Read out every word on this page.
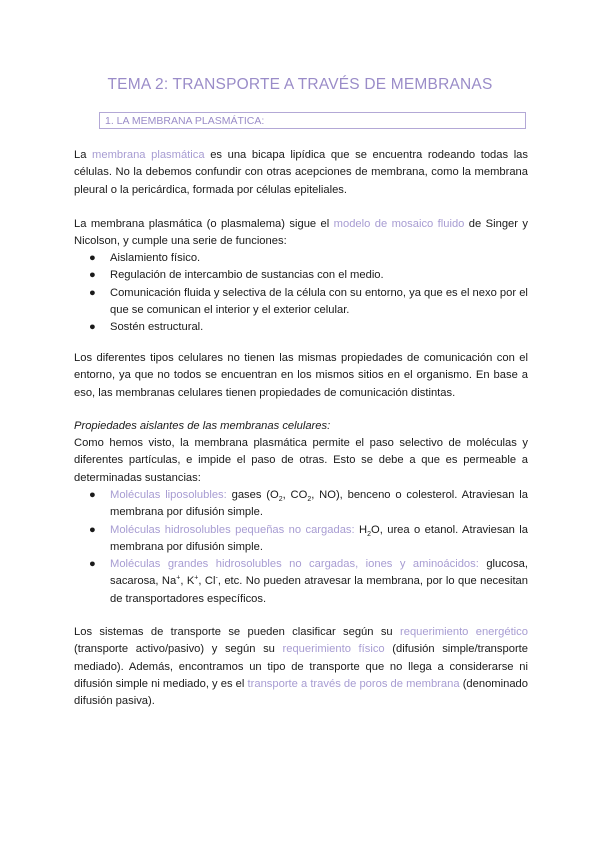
TEMA 2: TRANSPORTE A TRAVÉS DE MEMBRANAS
1. LA MEMBRANA PLASMÁTICA:
La membrana plasmática es una bicapa lipídica que se encuentra rodeando todas las células. No la debemos confundir con otras acepciones de membrana, como la membrana pleural o la pericárdica, formada por células epiteliales.
La membrana plasmática (o plasmalema) sigue el modelo de mosaico fluido de Singer y Nicolson, y cumple una serie de funciones:
● Aislamiento físico.
● Regulación de intercambio de sustancias con el medio.
● Comunicación fluida y selectiva de la célula con su entorno, ya que es el nexo por el que se comunican el interior y el exterior celular.
● Sostén estructural.
Los diferentes tipos celulares no tienen las mismas propiedades de comunicación con el entorno, ya que no todos se encuentran en los mismos sitios en el organismo. En base a eso, las membranas celulares tienen propiedades de comunicación distintas.
Propiedades aislantes de las membranas celulares:
Como hemos visto, la membrana plasmática permite el paso selectivo de moléculas y diferentes partículas, e impide el paso de otras. Esto se debe a que es permeable a determinadas sustancias:
● Moléculas liposolubles: gases ($O_2$, $CO_2$, NO), benceno o colesterol. Atraviesan la membrana por difusión simple.
● Moléculas hidrosolubles pequeñas no cargadas: $H_2O$, urea o etanol. Atraviesan la membrana por difusión simple.
● Moléculas grandes hidrosolubles no cargadas, iones y aminoácidos: glucosa, sacarosa, Na+, K+, Cl-, etc. No pueden atravesar la membrana, por lo que necesitan de transportadores específicos.
Los sistemas de transporte se pueden clasificar según su requerimiento energético (transporte activo/pasivo) y según su requerimiento físico (difusión simple/transporte mediado). Además, encontramos un tipo de transporte que no llega a considerarse ni difusión simple ni mediado, y es el transporte a través de poros de membrana (denominado difusión pasiva).
